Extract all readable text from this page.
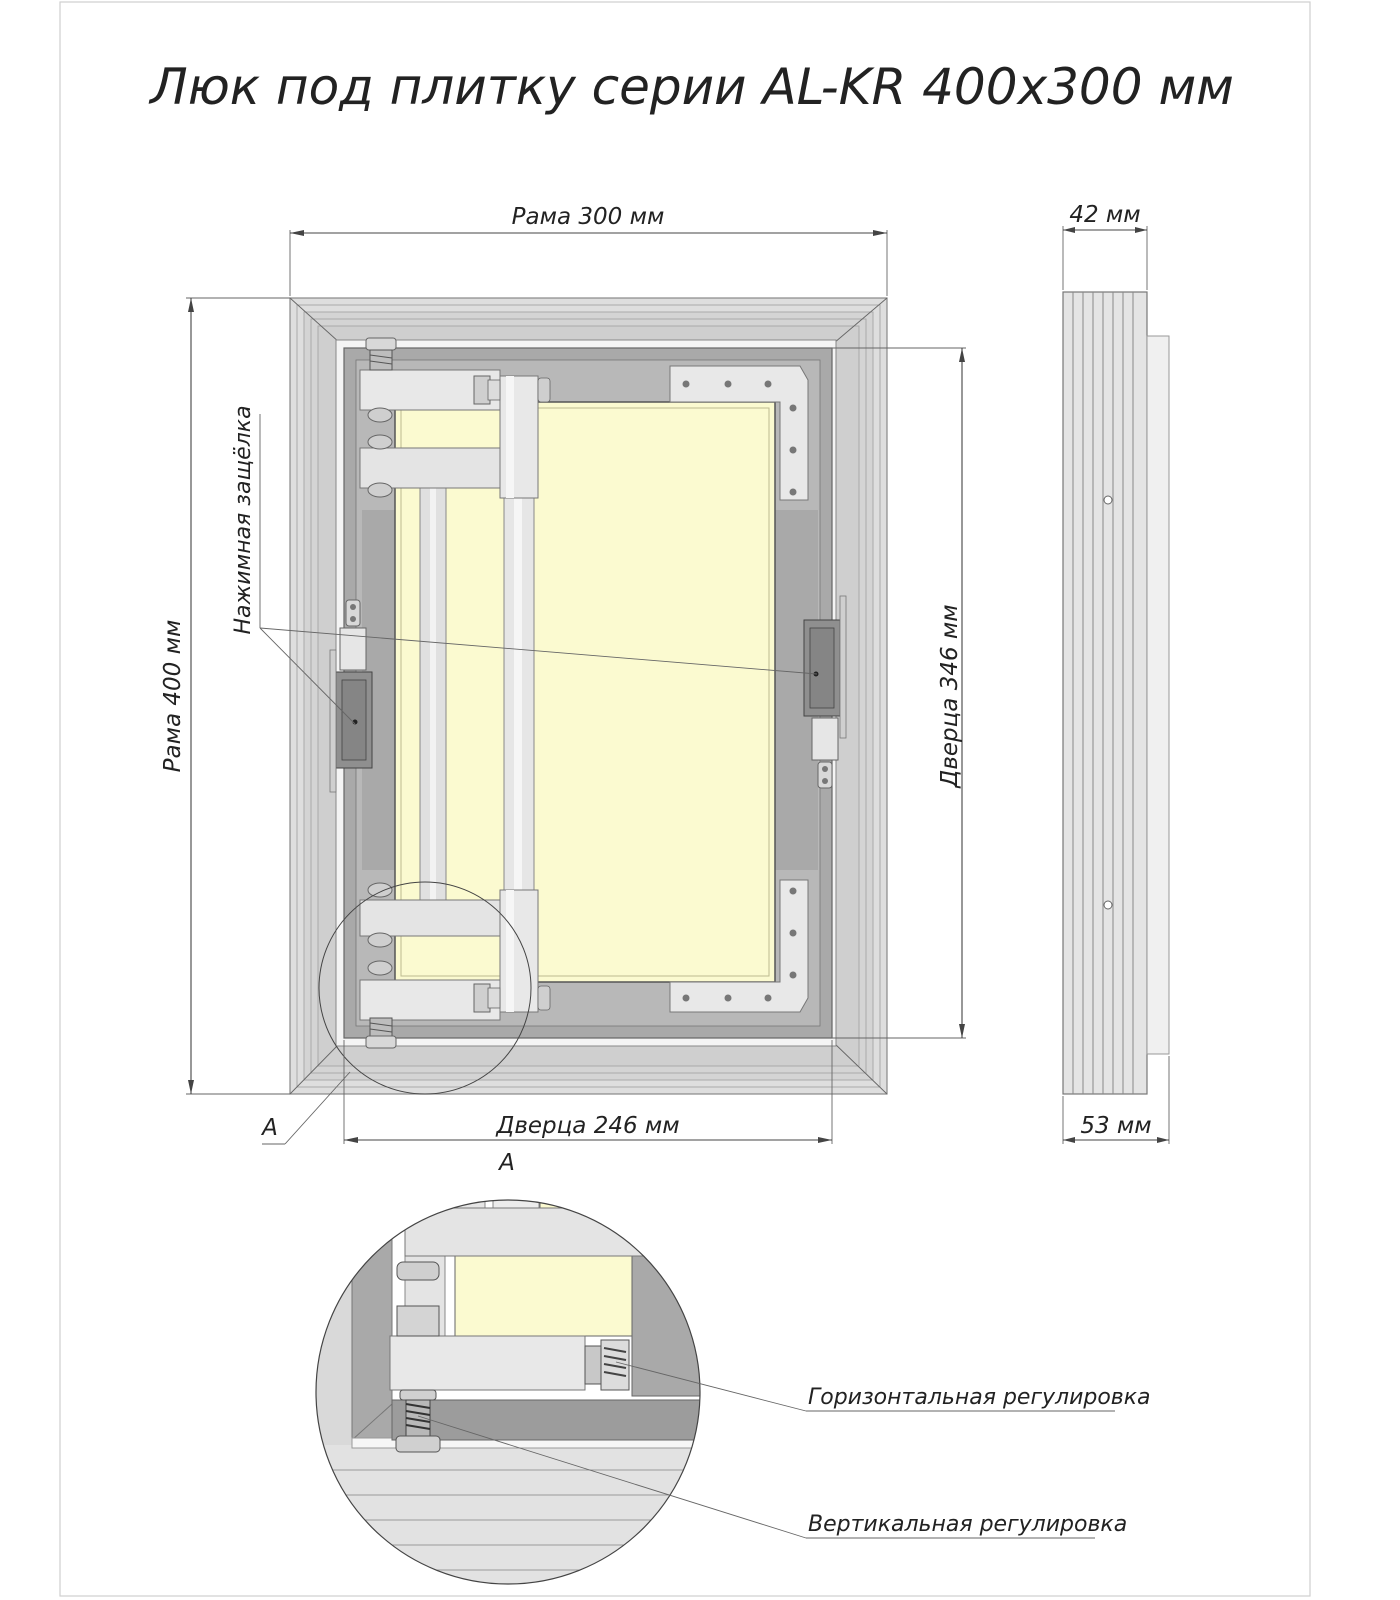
Люк под плитку серии AL-KR 400х300 мм
Рама 300 мм
Рама 400 мм	Дверца 346 мм
Дверца 246 мм
Нажимная защёлка
A
42 мм
53 мм
A
Горизонтальная регулировка
Вертикальная регулировка
